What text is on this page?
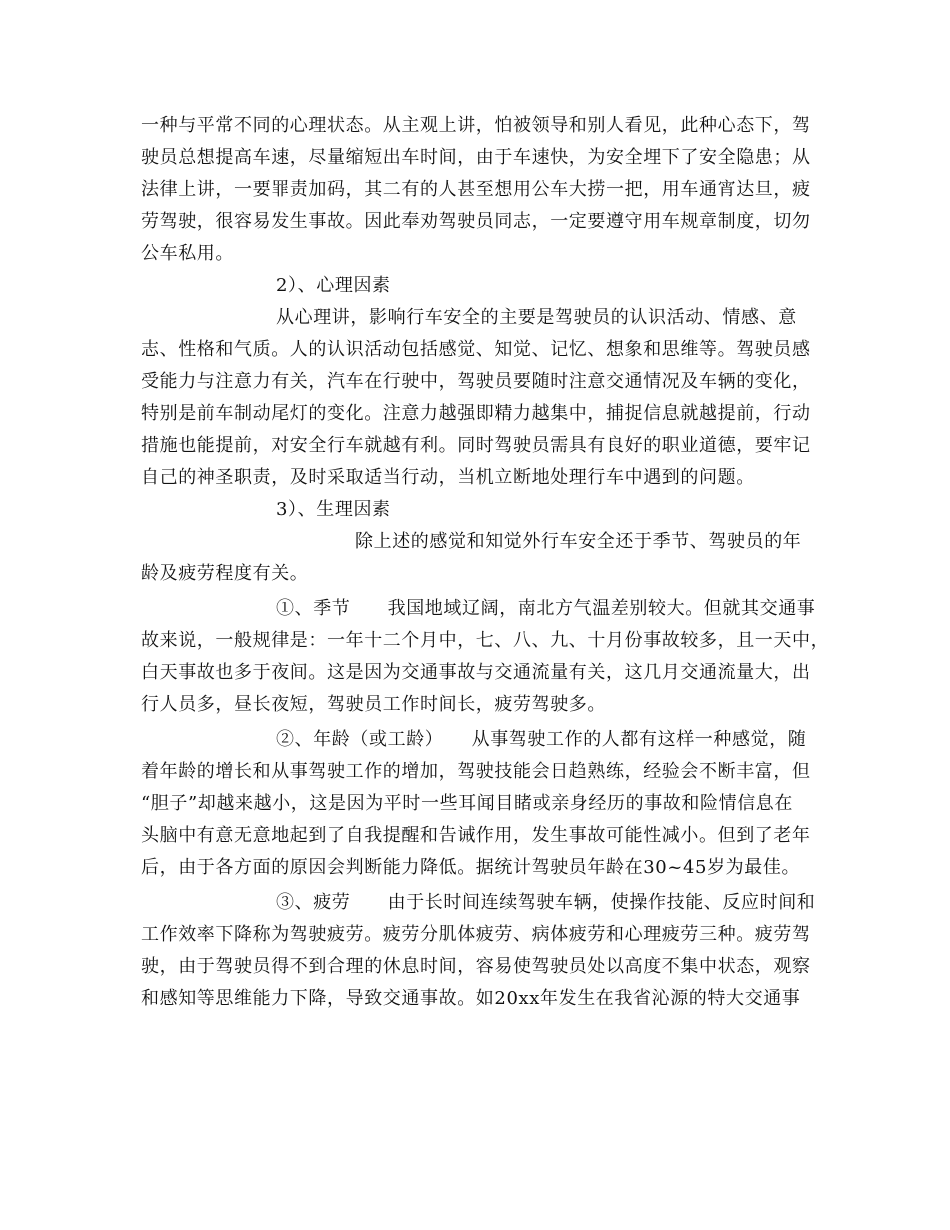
一种与平常不同的心理状态。从主观上讲，怕被领导和别人看见，此种心态下，驾
驶员总想提高车速，尽量缩短出车时间，由于车速快，为安全埋下了安全隐患；从
法律上讲，一要罪责加码，其二有的人甚至想用公车大捞一把，用车通宵达旦，疲
劳驾驶，很容易发生事故。因此奉劝驾驶员同志，一定要遵守用车规章制度，切勿
公车私用。
2）、心理因素
从心理讲，影响行车安全的主要是驾驶员的认识活动、情感、意
志、性格和气质。人的认识活动包括感觉、知觉、记忆、想象和思维等。驾驶员感
受能力与注意力有关，汽车在行驶中，驾驶员要随时注意交通情况及车辆的变化，
特别是前车制动尾灯的变化。注意力越强即精力越集中，捕捉信息就越提前，行动
措施也能提前，对安全行车就越有利。同时驾驶员需具有良好的职业道德，要牢记
自己的神圣职责，及时采取适当行动，当机立断地处理行车中遇到的问题。
3）、生理因素
除上述的感觉和知觉外行车安全还于季节、驾驶员的年
龄及疲劳程度有关。
①、季节　　我国地域辽阔，南北方气温差别较大。但就其交通事
故来说，一般规律是：一年十二个月中，七、八、九、十月份事故较多，且一天中，
白天事故也多于夜间。这是因为交通事故与交通流量有关，这几月交通流量大，出
行人员多，昼长夜短，驾驶员工作时间长，疲劳驾驶多。
②、年龄（或工龄）　　从事驾驶工作的人都有这样一种感觉，随
着年龄的增长和从事驾驶工作的增加，驾驶技能会日趋熟练，经验会不断丰富，但
“胆子”却越来越小，这是因为平时一些耳闻目睹或亲身经历的事故和险情信息在
头脑中有意无意地起到了自我提醒和告诫作用，发生事故可能性减小。但到了老年
后，由于各方面的原因会判断能力降低。据统计驾驶员年龄在30~45岁为最佳。
③、疲劳　　由于长时间连续驾驶车辆，使操作技能、反应时间和
工作效率下降称为驾驶疲劳。疲劳分肌体疲劳、病体疲劳和心理疲劳三种。疲劳驾
驶，由于驾驶员得不到合理的休息时间，容易使驾驶员处以高度不集中状态，观察
和感知等思维能力下降，导致交通事故。如20xx年发生在我省沁源的特大交通事
